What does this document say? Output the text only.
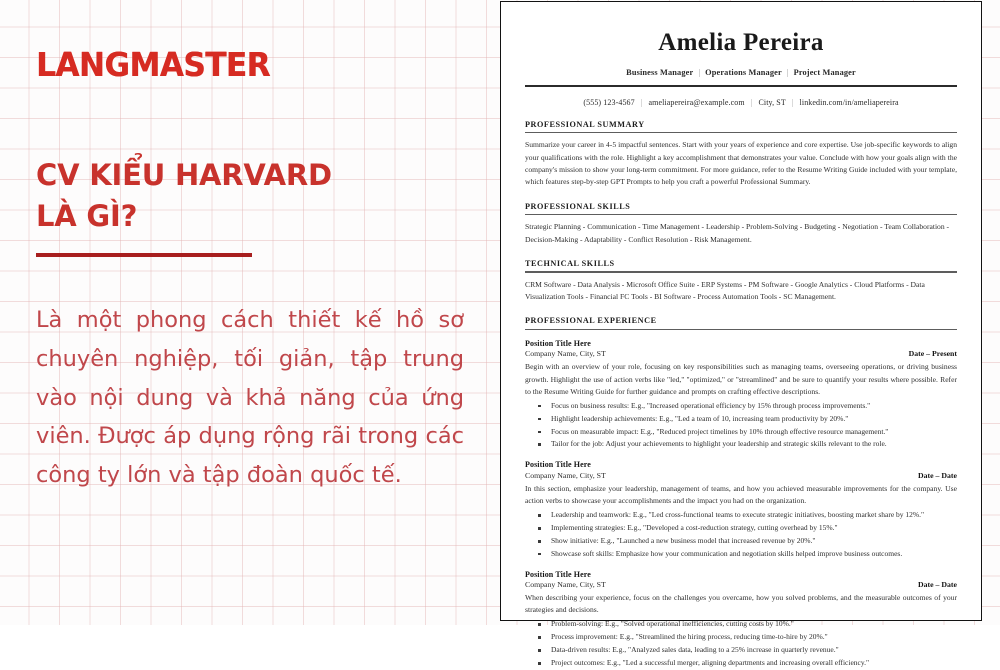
LANGMASTER
CV KIỂU HARVARD
LÀ GÌ?
Là một phong cách thiết kế hồ sơ chuyên nghiệp, tối giản, tập trung vào nội dung và khả năng của ứng viên. Được áp dụng rộng rãi trong các công ty lớn và tập đoàn quốc tế.
Amelia Pereira
Business Manager | Operations Manager | Project Manager
(555) 123-4567 | ameliapereira@example.com | City, ST | linkedin.com/in/ameliapereira
PROFESSIONAL SUMMARY
Summarize your career in 4-5 impactful sentences. Start with your years of experience and core expertise. Use job-specific keywords to align your qualifications with the role. Highlight a key accomplishment that demonstrates your value. Conclude with how your goals align with the company's mission to show your long-term commitment. For more guidance, refer to the Resume Writing Guide included with your template, which features step-by-step GPT Prompts to help you craft a powerful Professional Summary.
PROFESSIONAL SKILLS
Strategic Planning - Communication - Time Management - Leadership - Problem-Solving - Budgeting - Negotiation - Team Collaboration - Decision-Making - Adaptability - Conflict Resolution - Risk Management.
TECHNICAL SKILLS
CRM Software - Data Analysis - Microsoft Office Suite - ERP Systems - PM Software - Google Analytics - Cloud Platforms - Data Visualization Tools - Financial FC Tools - BI Software - Process Automation Tools - SC Management.
PROFESSIONAL EXPERIENCE
Position Title Here
Company Name, City, ST	Date – Present
Begin with an overview of your role, focusing on key responsibilities such as managing teams, overseeing operations, or driving business growth. Highlight the use of action verbs like "led," "optimized," or "streamlined" and be sure to quantify your results where possible. Refer to the Resume Writing Guide for further guidance and prompts on crafting effective descriptions.
Focus on business results: E.g., "Increased operational efficiency by 15% through process improvements."
Highlight leadership achievements: E.g., "Led a team of 10, increasing team productivity by 20%."
Focus on measurable impact: E.g., "Reduced project timelines by 10% through effective resource management."
Tailor for the job: Adjust your achievements to highlight your leadership and strategic skills relevant to the role.
Position Title Here
Company Name, City, ST	Date – Date
In this section, emphasize your leadership, management of teams, and how you achieved measurable improvements for the company. Use action verbs to showcase your accomplishments and the impact you had on the organization.
Leadership and teamwork: E.g., "Led cross-functional teams to execute strategic initiatives, boosting market share by 12%."
Implementing strategies: E.g., "Developed a cost-reduction strategy, cutting overhead by 15%."
Show initiative: E.g., "Launched a new business model that increased revenue by 20%."
Showcase soft skills: Emphasize how your communication and negotiation skills helped improve business outcomes.
Position Title Here
Company Name, City, ST	Date – Date
When describing your experience, focus on the challenges you overcame, how you solved problems, and the measurable outcomes of your strategies and decisions.
Problem-solving: E.g., "Solved operational inefficiencies, cutting costs by 10%."
Process improvement: E.g., "Streamlined the hiring process, reducing time-to-hire by 20%."
Data-driven results: E.g., "Analyzed sales data, leading to a 25% increase in quarterly revenue."
Project outcomes: E.g., "Led a successful merger, aligning departments and increasing overall efficiency."
